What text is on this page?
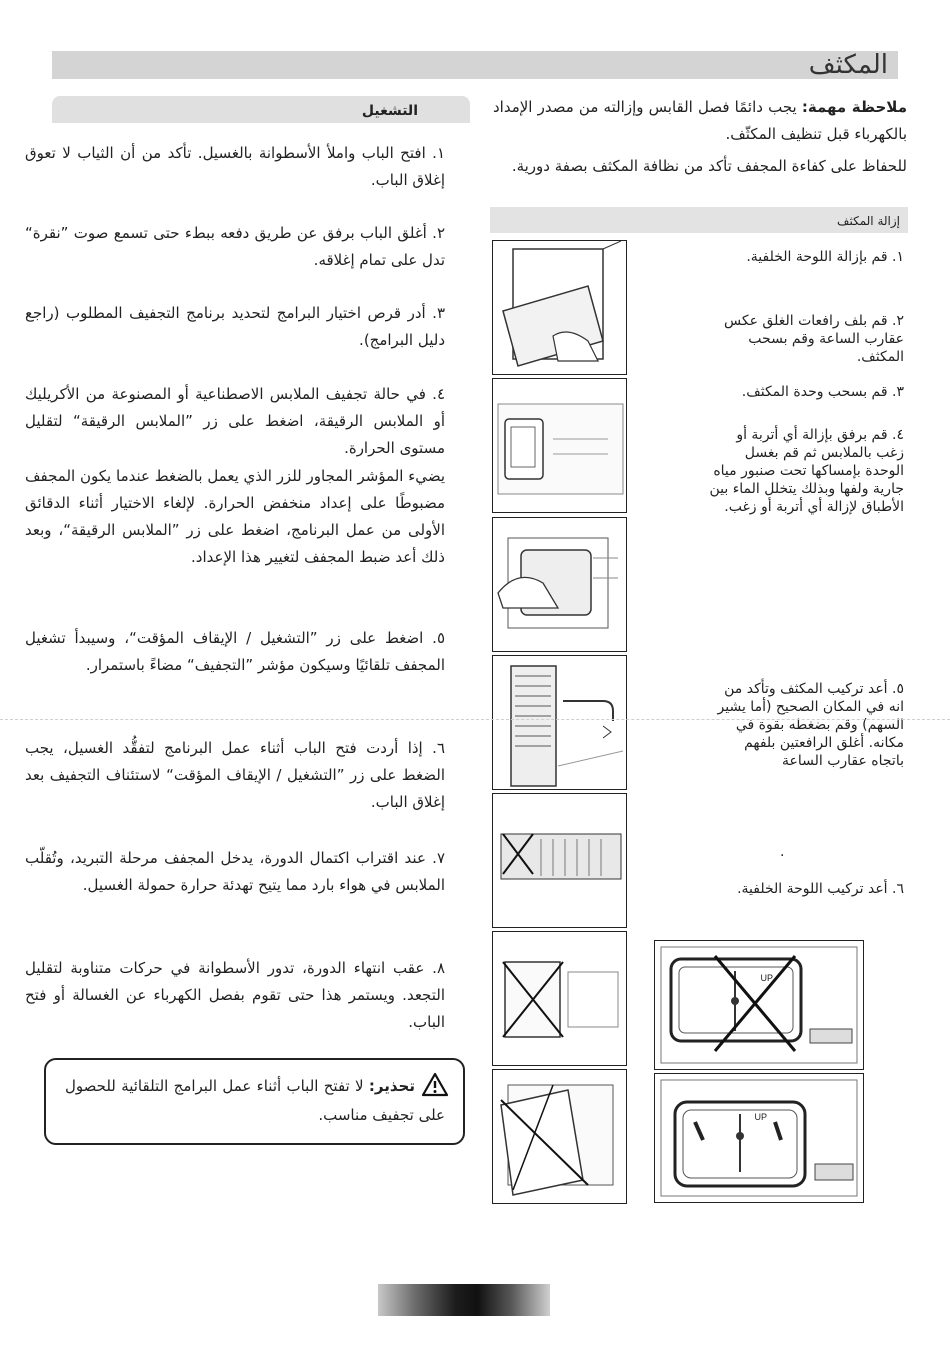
المكثف
ملاحظة مهمة: يجب دائمًا فصل القابس وإزالته من مصدر الإمداد بالكهرباء قبل تنظيف المكثّف.
للحفاظ على كفاءة المجفف تأكد من نظافة المكثف بصفة دورية.
إزالة المكثف
١. قم بإزالة اللوحة الخلفية.
٢. قم بلف رافعات الغلق عكس عقارب الساعة وقم بسحب المكثف.
٣. قم بسحب وحدة المكثف.
٤. قم برفق بإزالة أي أتربة أو زغب بالملابس ثم قم بغسل الوحدة بإمساكها تحت صنبور مياه جارية ولفها وبذلك يتخلل الماء بين الأطباق لإزالة أي أتربة أو زغب.
٥. أعد تركيب المكثف وتأكد من انه في المكان الصحيح (أما يشير السهم) وقم بضغطه بقوة في مكانه. أغلق الرافعتين بلفهم باتجاه عقارب الساعة
.
٦. أعد تركيب اللوحة الخلفية.
UP
UP
التشغيل
١. افتح الباب واملأ الأسطوانة بالغسيل. تأكد من أن الثياب لا تعوق إغلاق الباب.
٢. أغلق الباب برفق عن طريق دفعه ببطء حتى تسمع صوت ”نقرة“ تدل على تمام إغلاقه.
٣. أدر قرص اختيار البرامج لتحديد برنامج التجفيف المطلوب (راجع دليل البرامج).
٤. في حالة تجفيف الملابس الاصطناعية أو المصنوعة من الأكريليك أو الملابس الرقيقة، اضغط على زر ”الملابس الرقيقة“ لتقليل مستوى الحرارة.
يضيء المؤشر المجاور للزر الذي يعمل بالضغط عندما يكون المجفف مضبوطًا على إعداد منخفض الحرارة. لإلغاء الاختيار أثناء الدقائق الأولى من عمل البرنامج، اضغط على زر ”الملابس الرقيقة“، وبعد ذلك أعد ضبط المجفف لتغيير هذا الإعداد.
٥. اضغط على زر ”التشغيل / الإيقاف المؤقت“، وسيبدأ تشغيل المجفف تلقائيًا وسيكون مؤشر ”التجفيف“ مضاءً باستمرار.
٦. إذا أردت فتح الباب أثناء عمل البرنامج لتفقُّد الغسيل، يجب الضغط على زر ”التشغيل / الإيقاف المؤقت“ لاستئناف التجفيف بعد إغلاق الباب.
٧. عند اقتراب اكتمال الدورة، يدخل المجفف مرحلة التبريد، وتُقلّب الملابس في هواء بارد مما يتيح تهدئة حرارة حمولة الغسيل.
٨. عقب انتهاء الدورة، تدور الأسطوانة في حركات متناوبة لتقليل التجعد. ويستمر هذا حتى تقوم بفصل الكهرباء عن الغسالة أو فتح الباب.
تحذير: لا تفتح الباب أثناء عمل البرامج التلقائية للحصول على تجفيف مناسب.
